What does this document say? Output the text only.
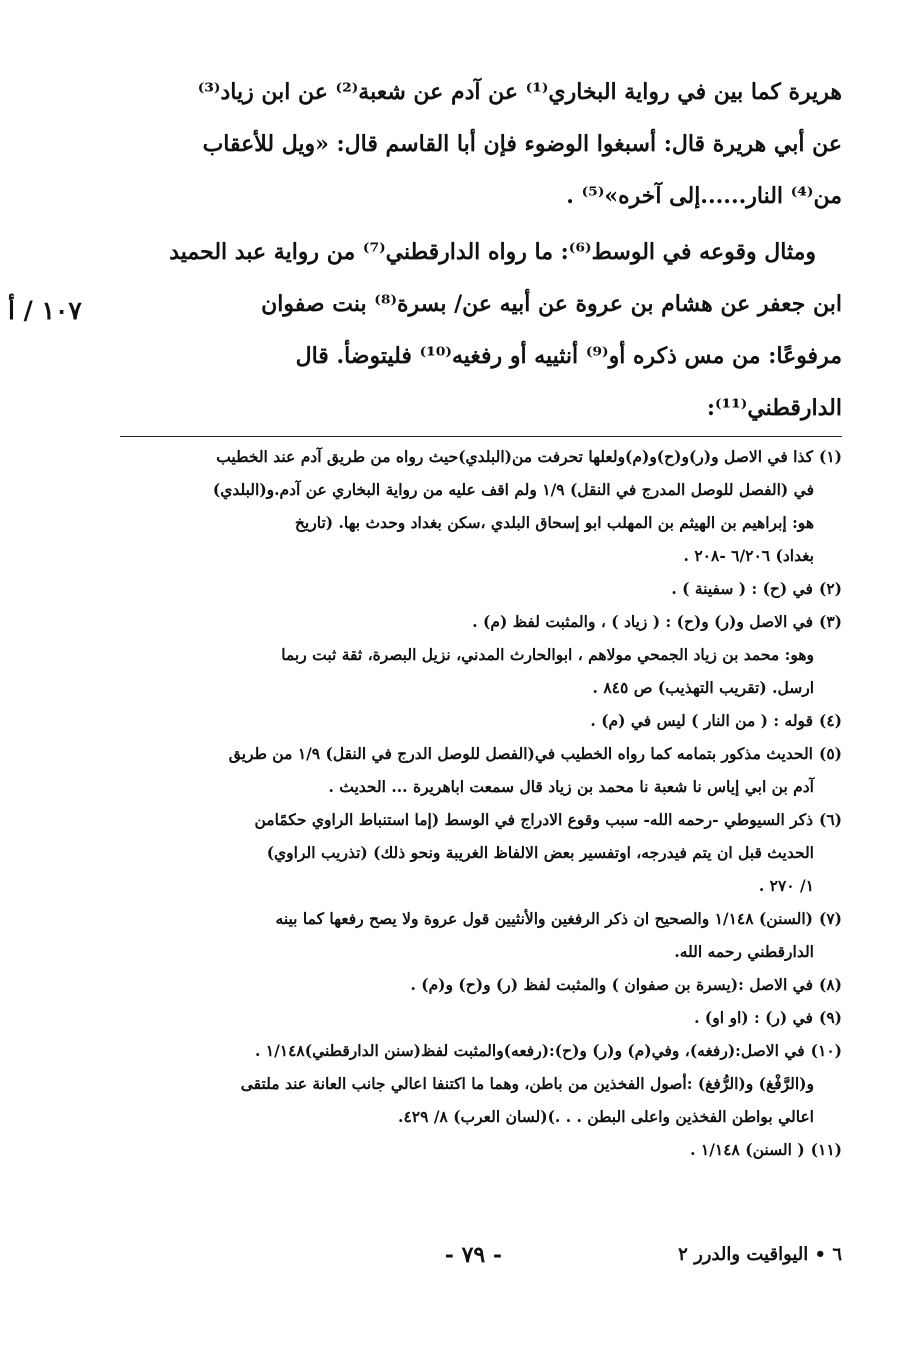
١٠٧ / أ

هريرة كما بين في رواية البخاري⁽¹⁾ عن آدم عن شعبة⁽²⁾ عن ابن زياد⁽³⁾
عن أبي هريرة قال: أسبغوا الوضوء فإن أبا القاسم قال: «ويل للأعقاب
من⁽⁴⁾ النار......إلى آخره»⁽⁵⁾ .

ومثال وقوعه في الوسط⁽⁶⁾: ما رواه الدارقطني⁽⁷⁾ من رواية عبد الحميد
ابن جعفر عن هشام بن عروة عن أبيه عن/ بسرة⁽⁸⁾ بنت صفوان
مرفوعًا: من مس ذكره أو⁽⁹⁾ أنثييه أو رفغيه⁽¹⁰⁾ فليتوضأ. قال
الدارقطني⁽¹¹⁾:

(١)كذا في الاصل و(ر)و(ح)و(م)ولعلها تحرفت من(البلدي)حيث رواه من طريق آدم عند الخطيب
في (الفصل للوصل المدرج في النقل) ١/٩ ولم اقف عليه من رواية البخاري عن آدم.و(البلدي)
هو: إبراهيم بن الهيثم بن المهلب ابو إسحاق البلدي ،سكن بغداد وحدث بها. (تاريخ
بغداد) ٦/٢٠٦ -٢٠٨ .
(٢)في (ح) : ( سفينة ) .
(٣)في الاصل و(ر) و(ح) : ( زياد ) ، والمثبت لفظ (م) .
وهو: محمد بن زياد الجمحي مولاهم ، ابوالحارث المدني، نزيل البصرة، ثقة ثبت ربما
ارسل. (تقريب التهذيب) ص ٨٤٥ .
(٤)قوله : ( من النار ) ليس في (م) .
(٥)الحديث مذكور بتمامه كما رواه الخطيب في(الفصل للوصل الدرج في النقل) ١/٩ من طريق
آدم بن ابي إياس نا شعبة نا محمد بن زياد قال سمعت اباهريرة ... الحديث .
(٦)ذكر السيوطي -رحمه الله- سبب وقوع الادراج في الوسط (إما استنباط الراوي حكمًامن
الحديث قبل ان يتم فيدرجه، اوتفسير بعض الالفاظ الغريبة ونحو ذلك) (تذريب الراوي)
١/ ٢٧٠ .
(٧)(السنن) ١/١٤٨ والصحيح ان ذكر الرفغين والأنثيين قول عروة ولا يصح رفعها كما بينه
الدارقطني رحمه الله.
(٨)في الاصل :(يسرة بن صفوان ) والمثبت لفظ (ر) و(ح) و(م) .
(٩)في (ر) : (او او) .
(١٠)في الاصل:(رفغه)، وفي(م) و(ر) و(ح):(رفعه)والمثبت لفظ(سنن الدارقطني)١/١٤٨ .
و(الرَّفْغ) و(الرُّفغ) :أصول الفخذين من باطن، وهما ما اكتنفا اعالي جانب العانة عند ملتقى
اعالي بواطن الفخذين واعلى البطن . . .)(لسان العرب) ٨/ ٤٢٩.
(١١)( السنن) ١/١٤٨ .
٦ • اليواقيت والدرر ٢
- ٧٩ -
